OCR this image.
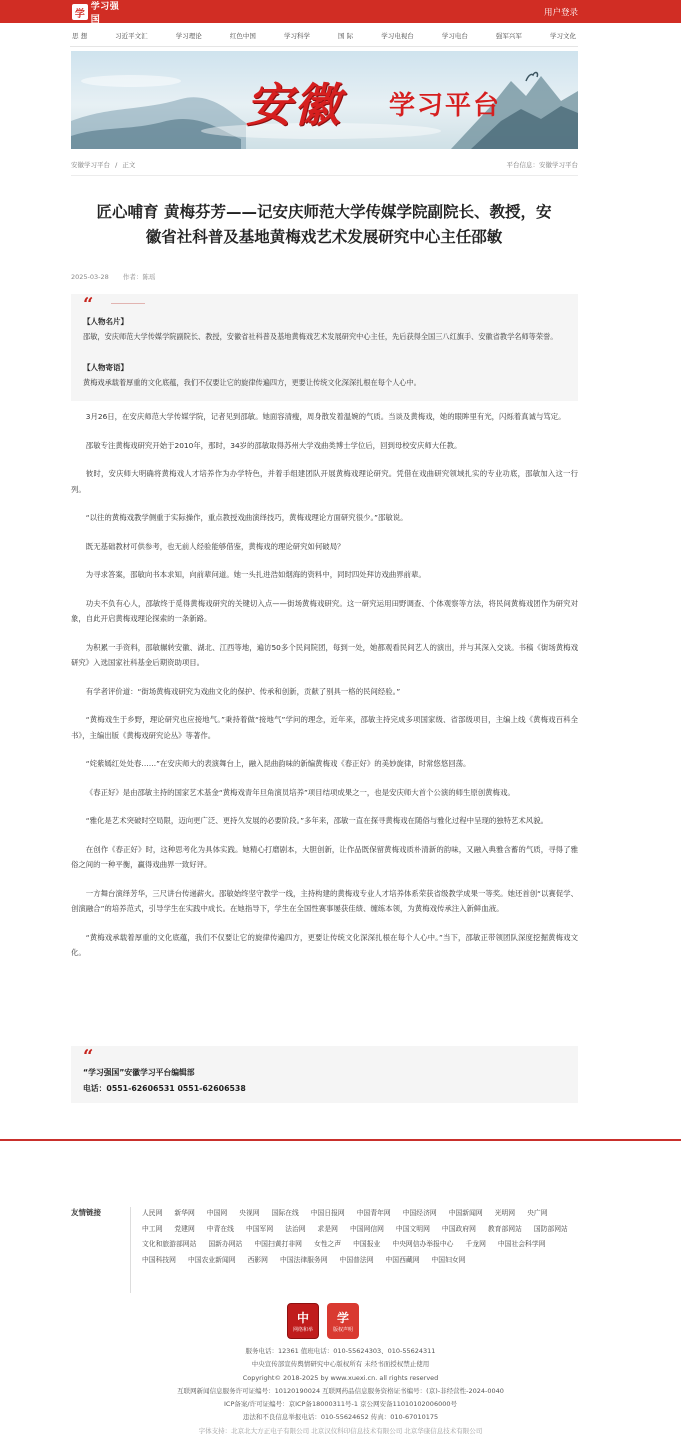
学
学习强国
用户登录
思 想	习近平文汇	学习理论	红色中国	学习科学	国 际	学习电视台	学习电台	强军兴军	学习文化
安徽 学习平台
安徽学习平台 / 正文	平台信息：安徽学习平台
匠心哺育 黄梅芬芳——记安庆师范大学传媒学院副院长、教授，安徽省社科普及基地黄梅戏艺术发展研究中心主任邵敏
2025-03-28 作者：陈瑶
“
【人物名片】
邵敏，安庆师范大学传媒学院副院长、教授，安徽省社科普及基地黄梅戏艺术发展研究中心主任，先后获得全国三八红旗手、安徽省教学名师等荣誉。
【人物寄语】
黄梅戏承载着厚重的文化底蕴，我们不仅要让它的旋律传遍四方，更要让传统文化深深扎根在每个人心中。

3月26日，在安庆师范大学传媒学院，记者见到邵敏。她面容清瘦，周身散发着温婉的气质。当谈及黄梅戏，她的眼眸里有光，闪烁着真诚与笃定。

邵敏专注黄梅戏研究开始于2010年，那时，34岁的邵敏取得苏州大学戏曲类博士学位后，回到母校安庆师大任教。

彼时，安庆师大明确将黄梅戏人才培养作为办学特色，并着手组建团队开展黄梅戏理论研究。凭借在戏曲研究领域扎实的专业功底，邵敏加入这一行列。

“以往的黄梅戏教学侧重于实际操作，重点教授戏曲演绎技巧，黄梅戏理论方面研究很少。”邵敏说。

既无基础教材可供参考，也无前人经验能够借鉴，黄梅戏的理论研究如何破局？

为寻求答案，邵敏向书本求知，向前辈问道。她一头扎进浩如烟海的资料中，同时四处拜访戏曲界前辈。

功夫不负有心人，邵敏终于觅得黄梅戏研究的关键切入点——街场黄梅戏研究。这一研究运用田野调查、个体观察等方法，将民间黄梅戏团作为研究对象，自此开启黄梅戏理论探索的一条新路。

为积累一手资料，邵敏辗转安徽、湖北、江西等地，遍访50多个民间院团，每到一处，她都观看民间艺人的演出，并与其深入交谈。书稿《街场黄梅戏研究》入选国家社科基金后期资助项目。

有学者评价道：“街场黄梅戏研究为戏曲文化的保护、传承和创新，贡献了别具一格的民间经验。”

“黄梅戏生于乡野，理论研究也应接地气。”秉持着做“接地气”学问的理念，近年来，邵敏主持完成多项国家级、省部级项目，主编上线《黄梅戏百科全书》，主编出版《黄梅戏研究论丛》等著作。

“姹紫嫣红处处春……”在安庆师大的表演舞台上，融入昆曲韵味的新编黄梅戏《春正好》的美妙旋律，时常悠悠回荡。

《春正好》是由邵敏主持的国家艺术基金“黄梅戏青年旦角演员培养”项目结项成果之一，也是安庆师大首个公演的师生原创黄梅戏。

“雅化是艺术突破时空局限，迈向更广泛、更持久发展的必要阶段。”多年来，邵敏一直在探寻黄梅戏在随俗与雅化过程中呈现的独特艺术风貌。

在创作《春正好》时，这种思考化为具体实践。她精心打磨剧本，大胆创新，让作品既保留黄梅戏质朴清新的韵味，又融入典雅含蓄的气质，寻得了雅俗之间的一种平衡，赢得戏曲界一致好评。

一方舞台演绎芳华，三尺讲台传递薪火。邵敏始终坚守教学一线，主持构建的黄梅戏专业人才培养体系荣获省级教学成果一等奖。她还首创“以赛促学、创演融合”的培养范式，引导学生在实践中成长。在她指导下，学生在全国性赛事屡获佳绩、缠练本领，为黄梅戏传承注入新鲜血液。

“黄梅戏承载着厚重的文化底蕴，我们不仅要让它的旋律传遍四方，更要让传统文化深深扎根在每个人心中。”当下，邵敏正带领团队深度挖掘黄梅戏文化。

“
“学习强国”安徽学习平台编辑部
电话：0551-62606531 0551-62606538
友情链接	人民网 新华网 中国网 央视网 国际在线 中国日报网 中国青年网 中国经济网 中国新闻网 光明网 央广网
中工网 党建网 中青在线 中国军网 法治网 求是网 中国网信网 中国文明网 中国政府网 教育部网站 国防部网站
文化和旅游部网站 国新办网站 中国扫黄打非网 女性之声 中国报业 中央网信办举报中心 千龙网 中国社会科学网
中国科技网 中国农业新闻网 西影网 中国法律服务网 中国普法网 中国西藏网 中国妇女网
中
网络和举
学
版权声明
服务电话：12361 值班电话：010-55624303、010-55624311
中央宣传部宣传舆情研究中心版权所有 未经书面授权禁止使用
Copyright© 2018-2025 by www.xuexi.cn. all rights reserved
互联网新闻信息服务许可证编号：10120190024 互联网药品信息服务资格证书编号：(京)-非经营性-2024-0040
ICP备案/许可证编号：京ICP备18000311号-1 京公网安备11010102006000号
违法和不良信息举报电话：010-55624652 传真：010-67010175
字体支持：北京北大方正电子有限公司 北京汉仪科印信息技术有限公司 北京华康信息技术有限公司
